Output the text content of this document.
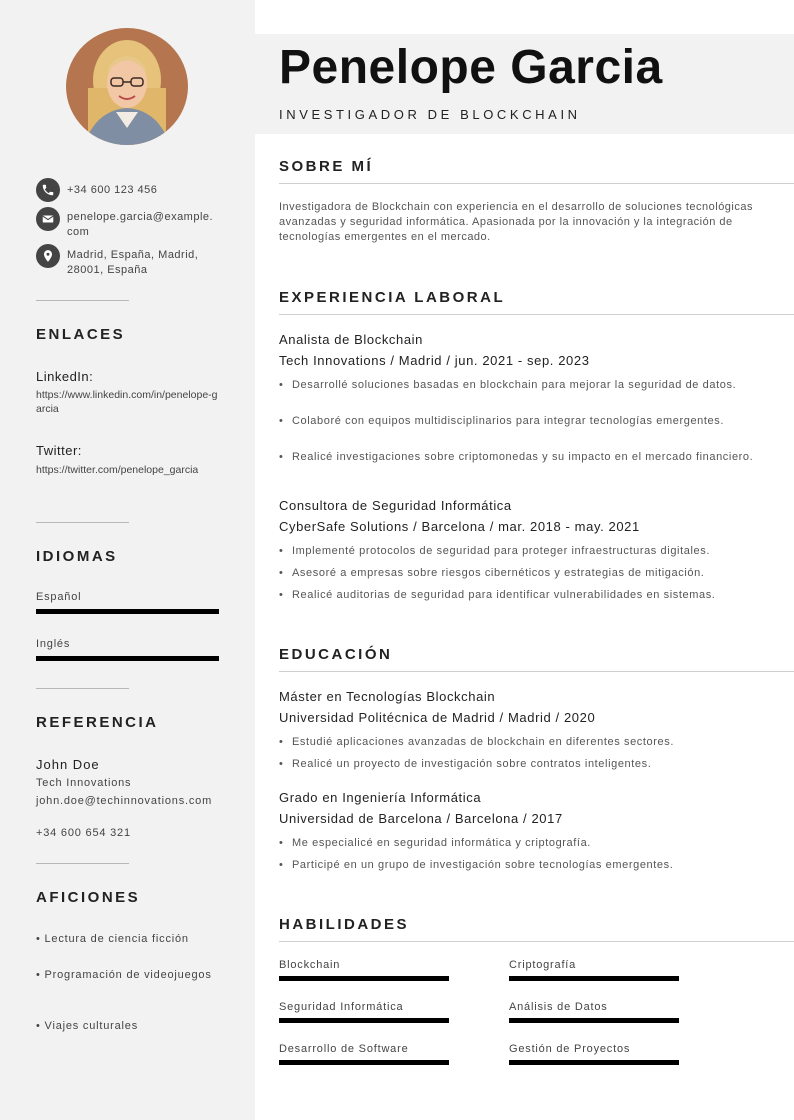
+34 600 123 456
penelope.garcia@example.com
Madrid, España, Madrid, 28001, España
ENLACES
LinkedIn:
https://www.linkedin.com/in/penelope-garcia
Twitter:
https://twitter.com/penelope_garcia
IDIOMAS
Español
Inglés
REFERENCIA
John Doe
Tech Innovations
john.doe@techinnovations.com
+34 600 654 321
AFICIONES
• Lectura de ciencia ficción
• Programación de videojuegos
• Viajes culturales
Penelope Garcia
INVESTIGADOR DE BLOCKCHAIN
SOBRE MÍ
Investigadora de Blockchain con experiencia en el desarrollo de soluciones tecnológicas avanzadas y seguridad informática. Apasionada por la innovación y la integración de tecnologías emergentes en el mercado.
EXPERIENCIA LABORAL
Analista de Blockchain
Tech Innovations / Madrid / jun. 2021 - sep. 2023
• Desarrollé soluciones basadas en blockchain para mejorar la seguridad de datos.
• Colaboré con equipos multidisciplinarios para integrar tecnologías emergentes.
• Realicé investigaciones sobre criptomonedas y su impacto en el mercado financiero.
Consultora de Seguridad Informática
CyberSafe Solutions / Barcelona / mar. 2018 - may. 2021
• Implementé protocolos de seguridad para proteger infraestructuras digitales.
• Asesoré a empresas sobre riesgos cibernéticos y estrategias de mitigación.
• Realicé auditorias de seguridad para identificar vulnerabilidades en sistemas.
EDUCACIÓN
Máster en Tecnologías Blockchain
Universidad Politécnica de Madrid / Madrid / 2020
• Estudié aplicaciones avanzadas de blockchain en diferentes sectores.
• Realicé un proyecto de investigación sobre contratos inteligentes.
Grado en Ingeniería Informática
Universidad de Barcelona / Barcelona / 2017
• Me especialicé en seguridad informática y criptografía.
• Participé en un grupo de investigación sobre tecnologías emergentes.
HABILIDADES
Blockchain	Criptografía
Seguridad Informática	Análisis de Datos
Desarrollo de Software	Gestión de Proyectos
